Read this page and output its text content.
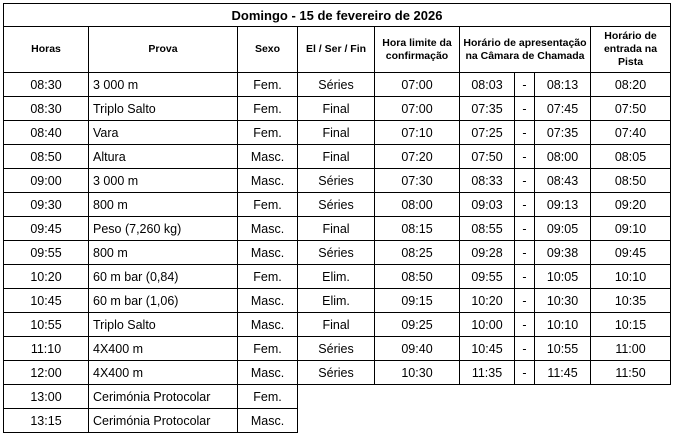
Domingo - 15 de fevereiro de 2026								
Horas	Prova	Sexo	El / Ser / Fin	Hora limite da confirmação	Horário de apresentação na Câmara de Chamada			Horário de entrada na Pista
08:30	3 000 m	Fem.	Séries	07:00	08:03	-	08:13	08:20
08:30	Triplo Salto	Fem.	Final	07:00	07:35	-	07:45	07:50
08:40	Vara	Fem.	Final	07:10	07:25	-	07:35	07:40
08:50	Altura	Masc.	Final	07:20	07:50	-	08:00	08:05
09:00	3 000 m	Masc.	Séries	07:30	08:33	-	08:43	08:50
09:30	800 m	Fem.	Séries	08:00	09:03	-	09:13	09:20
09:45	Peso (7,260 kg)	Masc.	Final	08:15	08:55	-	09:05	09:10
09:55	800 m	Masc.	Séries	08:25	09:28	-	09:38	09:45
10:20	60 m bar (0,84)	Fem.	Elim.	08:50	09:55	-	10:05	10:10
10:45	60 m bar (1,06)	Masc.	Elim.	09:15	10:20	-	10:30	10:35
10:55	Triplo Salto	Masc.	Final	09:25	10:00	-	10:10	10:15
11:10	4X400 m	Fem.	Séries	09:40	10:45	-	10:55	11:00
12:00	4X400 m	Masc.	Séries	10:30	11:35	-	11:45	11:50
13:00	Cerimónia Protocolar	Fem.						
13:15	Cerimónia Protocolar	Masc.						
